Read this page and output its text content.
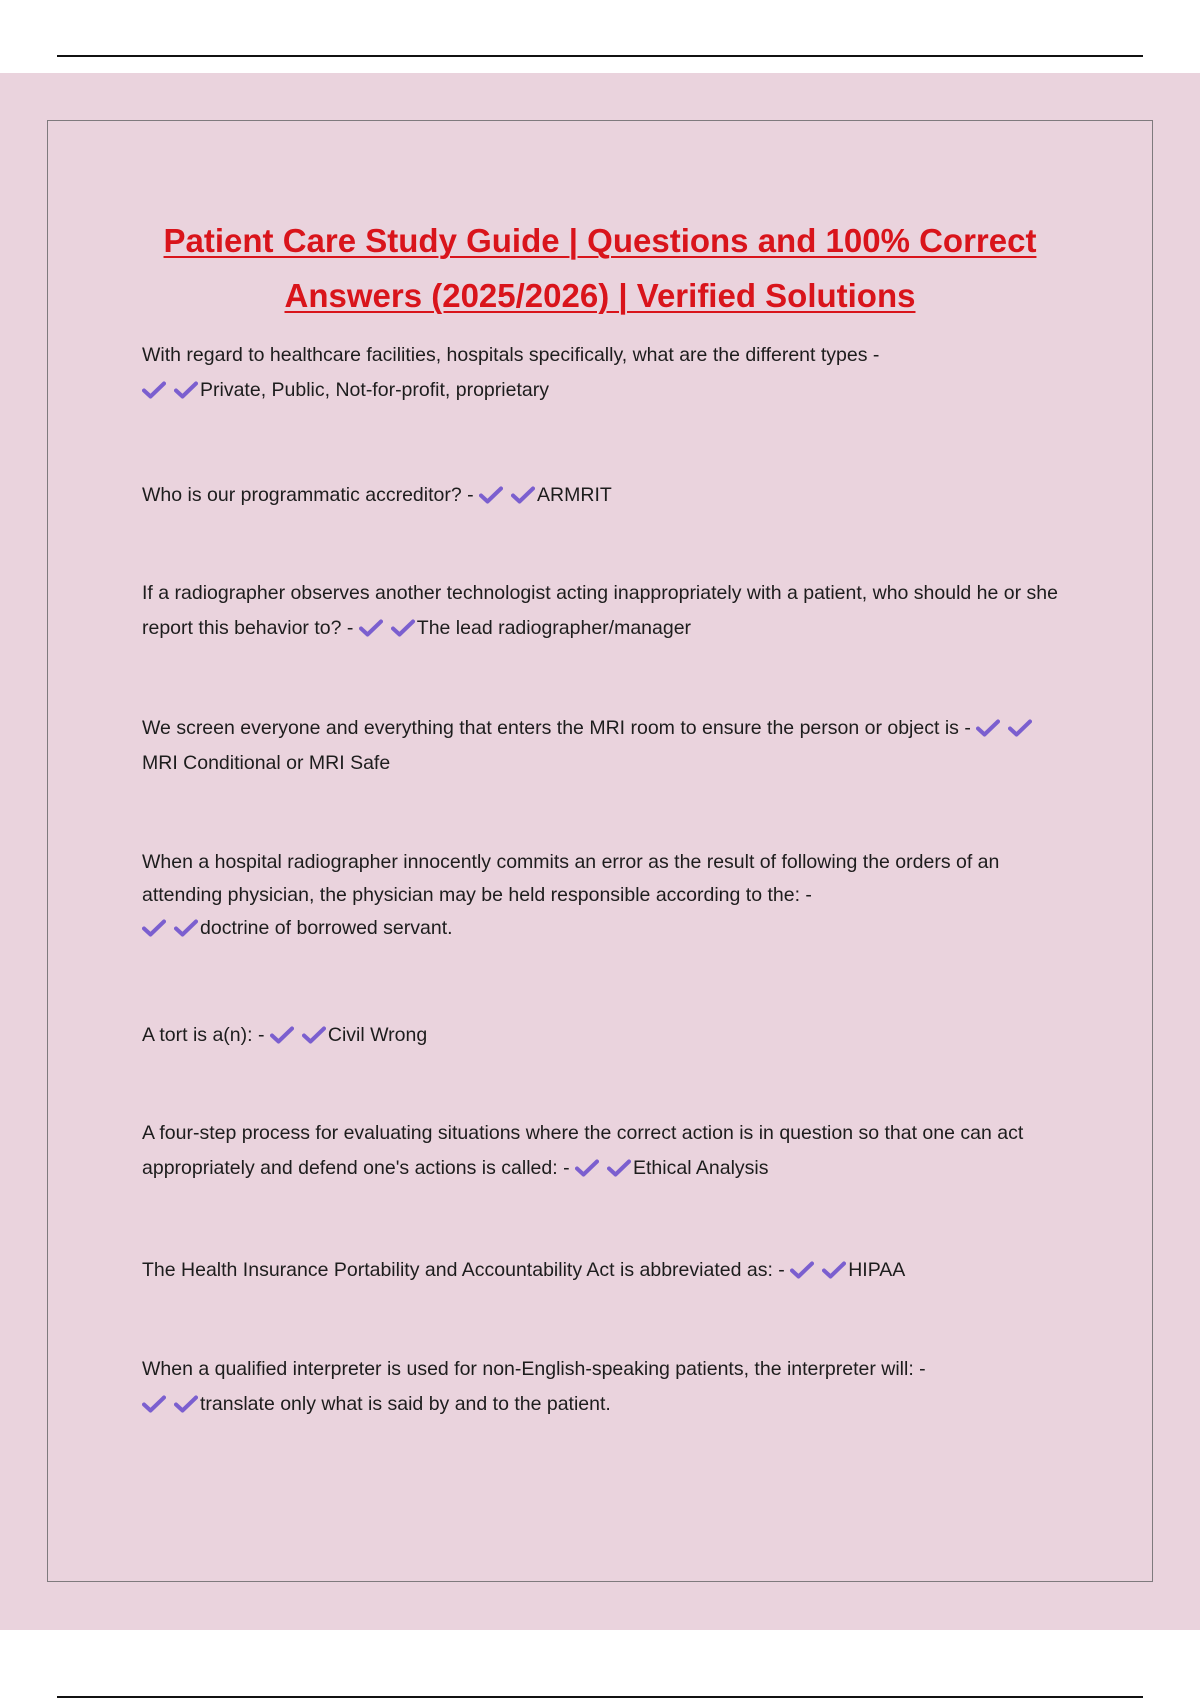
Patient Care Study Guide | Questions and 100% Correct Answers (2025/2026) | Verified Solutions

With regard to healthcare facilities, hospitals specifically, what are the different types -

Private, Public, Not-for-profit, proprietary

Who is our programmatic accreditor? -	ARMRIT

If a radiographer observes another technologist acting inappropriately with a patient, who should he or she report this behavior to? -	The lead radiographer/manager

We screen everyone and everything that enters the MRI room to ensure the person or object is -
MRI Conditional or MRI Safe

When a hospital radiographer innocently commits an error as the result of following the orders of an attending physician, the physician may be held responsible according to the: -

doctrine of borrowed servant.

A tort is a(n): -	Civil Wrong

A four-step process for evaluating situations where the correct action is in question so that one can act appropriately and defend one's actions is called: -	Ethical Analysis

The Health Insurance Portability and Accountability Act is abbreviated as: -	HIPAA

When a qualified interpreter is used for non-English-speaking patients, the interpreter will: -

translate only what is said by and to the patient.
